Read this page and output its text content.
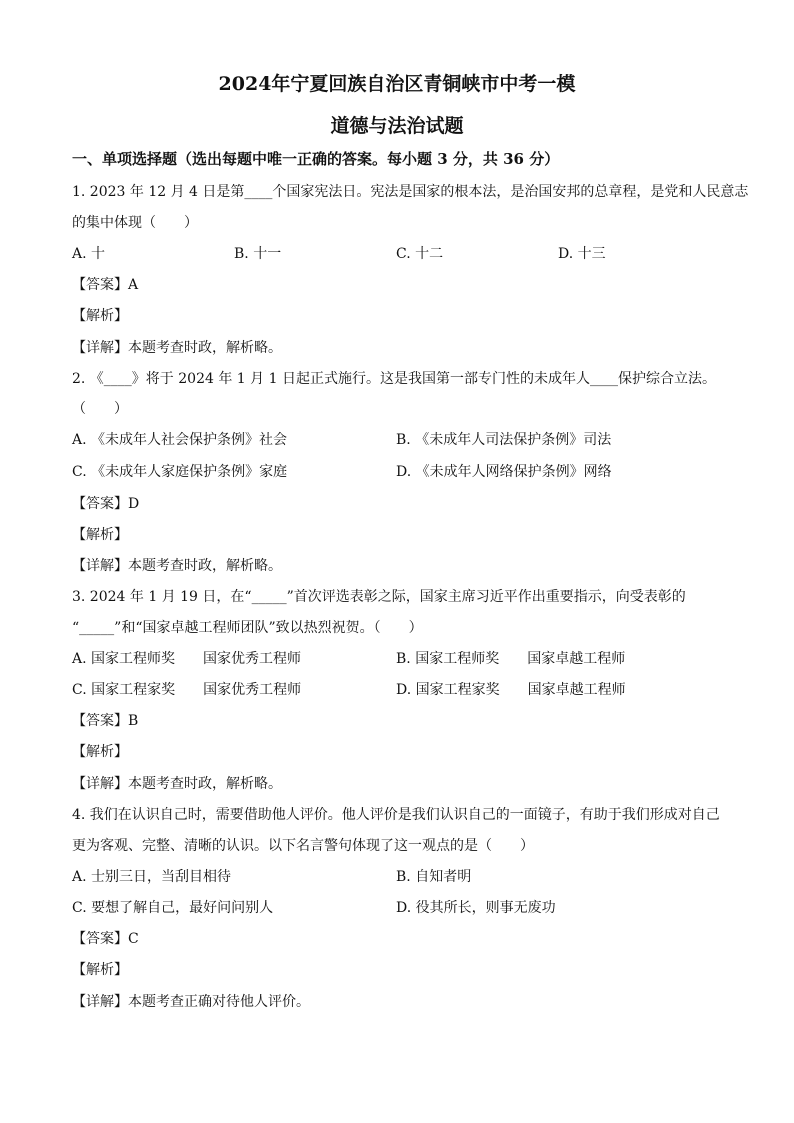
2024年宁夏回族自治区青铜峡市中考一模
道德与法治试题
一、单项选择题（选出每题中唯一正确的答案。每小题 3 分，共 36 分）
1. 2023 年 12 月 4 日是第____个国家宪法日。宪法是国家的根本法，是治国安邦的总章程，是党和人民意志
的集中体现（　　）
A. 十	B. 十一	C. 十二	D. 十三
【答案】A
【解析】
【详解】本题考查时政，解析略。
2. 《____》将于 2024 年 1 月 1 日起正式施行。这是我国第一部专门性的未成年人____保护综合立法。
（　　）
A. 《未成年人社会保护条例》社会	B. 《未成年人司法保护条例》司法
C. 《未成年人家庭保护条例》家庭	D. 《未成年人网络保护条例》网络
【答案】D
【解析】
【详解】本题考查时政，解析略。
3. 2024 年 1 月 19 日，在“_____”首次评选表彰之际，国家主席习近平作出重要指示，向受表彰的
“_____”和“国家卓越工程师团队”致以热烈祝贺。（　　）
A. 国家工程师奖　　国家优秀工程师	B. 国家工程师奖　　国家卓越工程师
C. 国家工程家奖　　国家优秀工程师	D. 国家工程家奖　　国家卓越工程师
【答案】B
【解析】
【详解】本题考查时政，解析略。
4. 我们在认识自己时，需要借助他人评价。他人评价是我们认识自己的一面镜子，有助于我们形成对自己
更为客观、完整、清晰的认识。以下名言警句体现了这一观点的是（　　）
A. 士别三日，当刮目相待	B. 自知者明
C. 要想了解自己，最好问问别人	D. 役其所长，则事无废功
【答案】C
【解析】
【详解】本题考查正确对待他人评价。
